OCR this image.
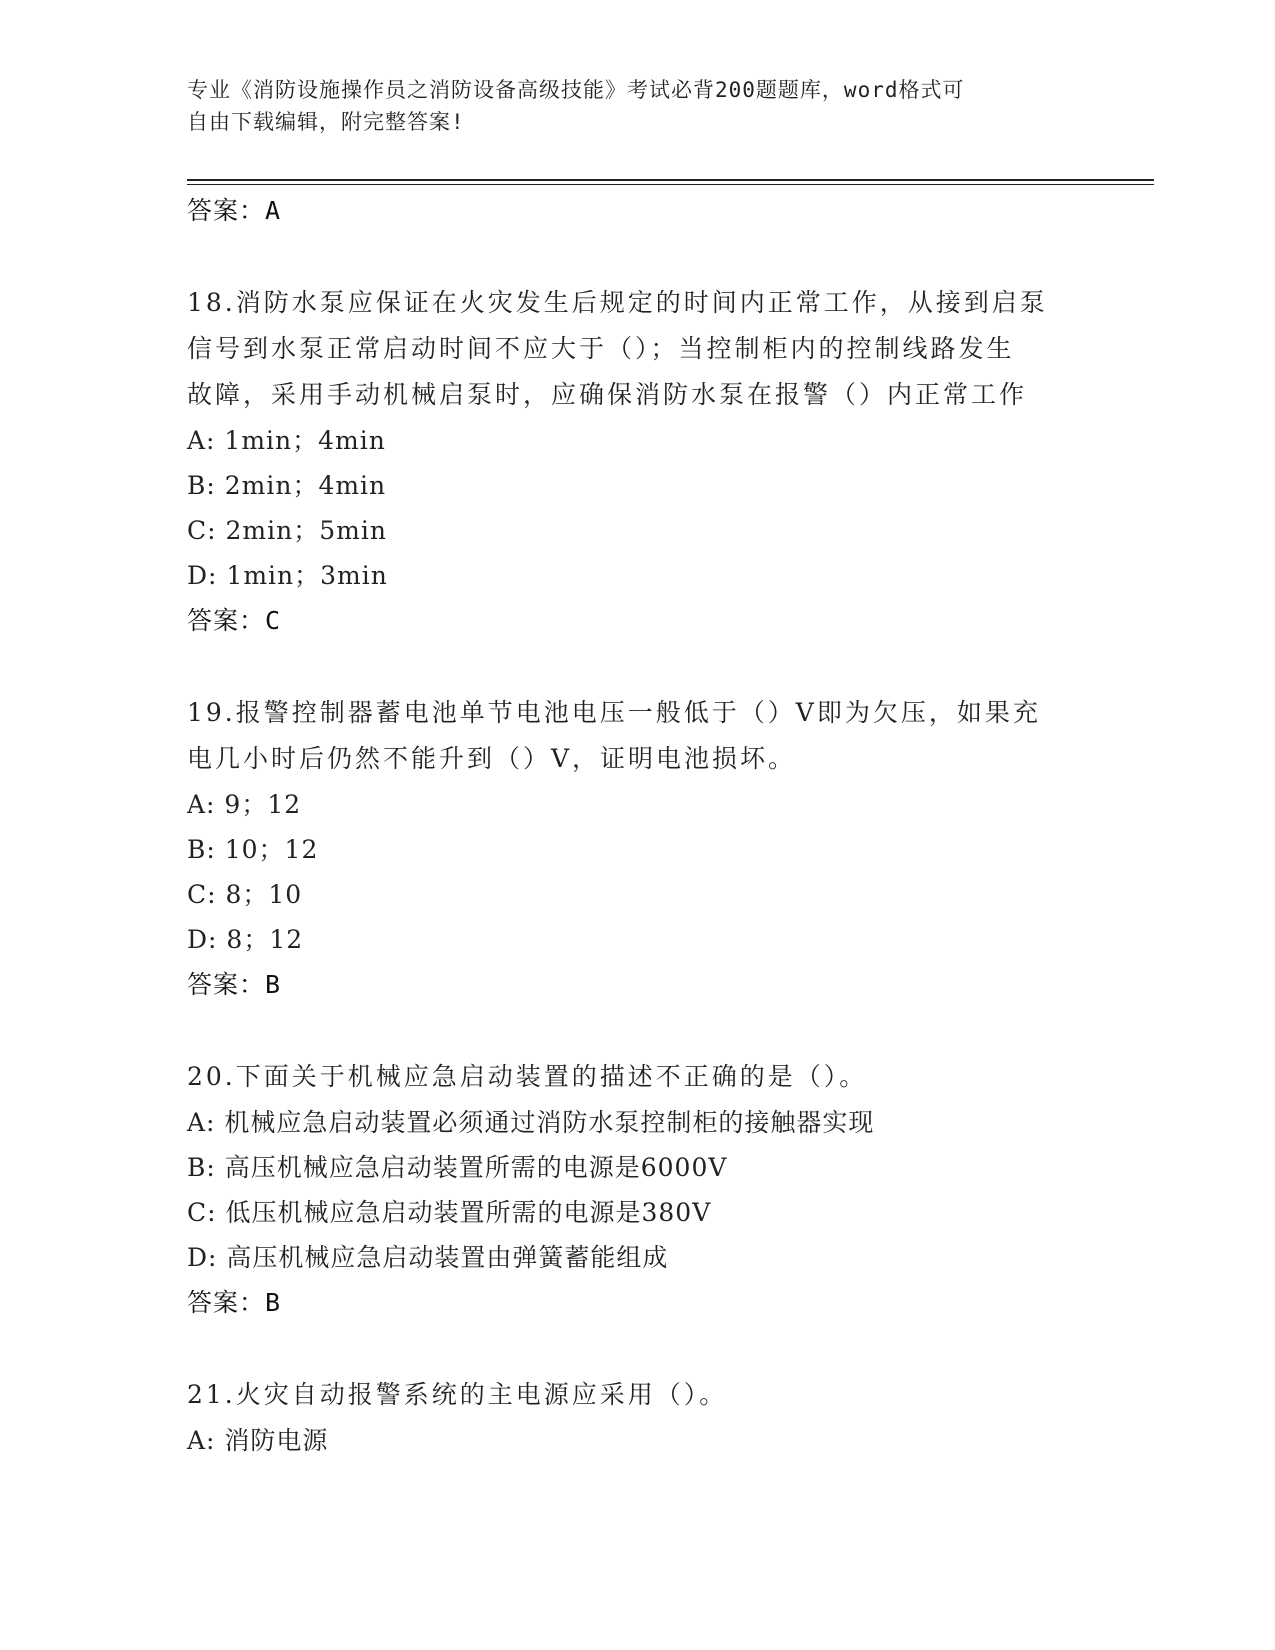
专业《消防设施操作员之消防设备高级技能》考试必背200题题库，word格式可
自由下载编辑，附完整答案!
答案：A
18.消防水泵应保证在火灾发生后规定的时间内正常工作，从接到启泵
信号到水泵正常启动时间不应大于（）；当控制柜内的控制线路发生
故障，采用手动机械启泵时，应确保消防水泵在报警（）内正常工作
A: 1min；4min
B: 2min；4min
C: 2min；5min
D: 1min；3min
答案：C
19.报警控制器蓄电池单节电池电压一般低于（）V即为欠压，如果充
电几小时后仍然不能升到（）V，证明电池损坏。
A: 9；12
B: 10；12
C: 8；10
D: 8；12
答案：B
20.下面关于机械应急启动装置的描述不正确的是（）。
A: 机械应急启动装置必须通过消防水泵控制柜的接触器实现
B: 高压机械应急启动装置所需的电源是6000V
C: 低压机械应急启动装置所需的电源是380V
D: 高压机械应急启动装置由弹簧蓄能组成
答案：B
21.火灾自动报警系统的主电源应采用（）。
A: 消防电源
